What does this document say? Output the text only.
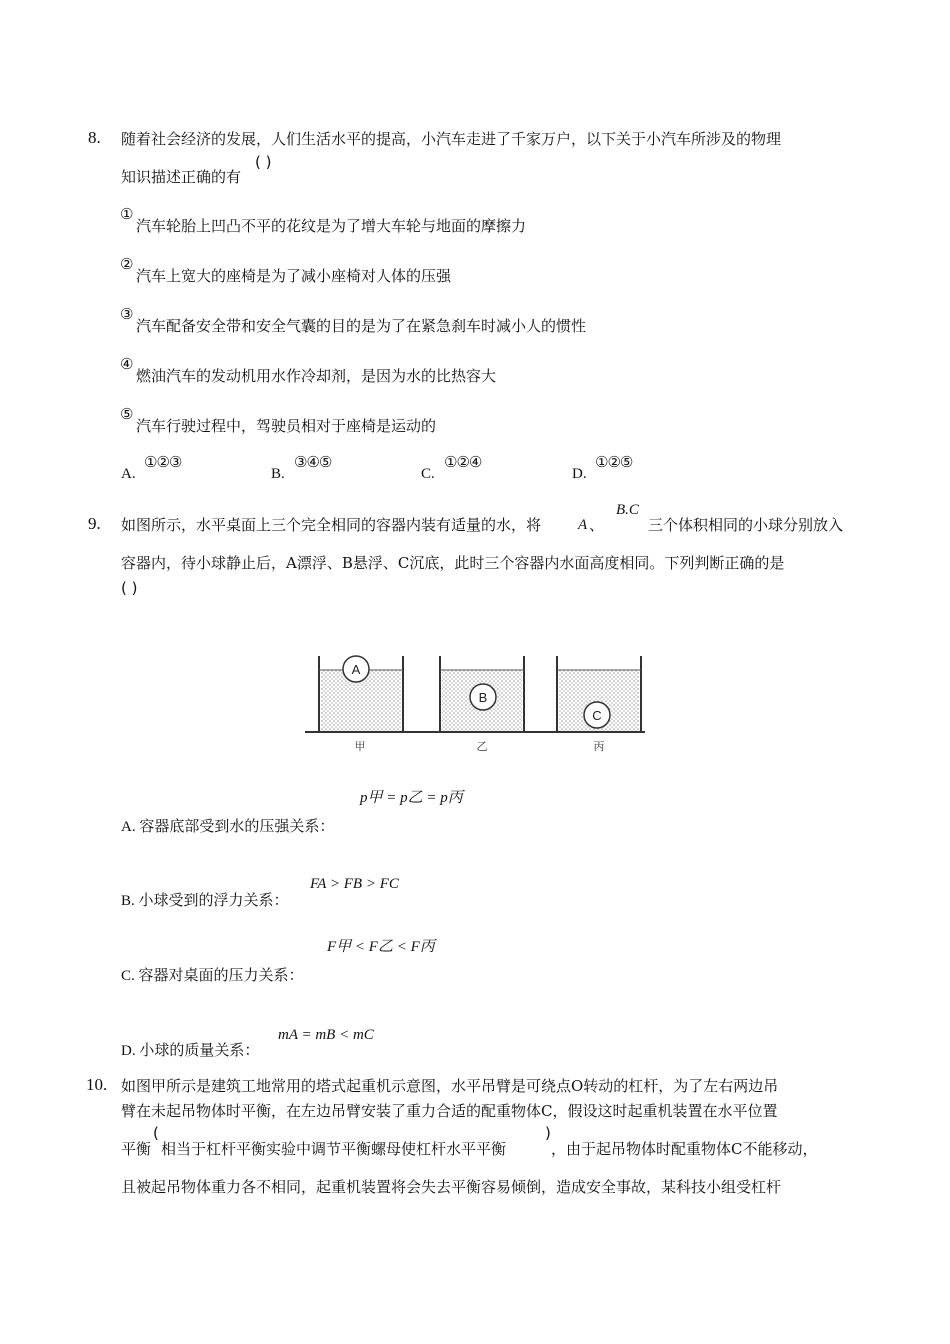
8. 随着社会经济的发展，人们生活水平的提高，小汽车走进了千家万户，以下关于小汽车所涉及的物理
知识描述正确的有
( )
①
汽车轮胎上凹凸不平的花纹是为了增大车轮与地面的摩擦力
②
汽车上宽大的座椅是为了减小座椅对人体的压强
③
汽车配备安全带和安全气囊的目的是为了在紧急刹车时减小人的惯性
④
燃油汽车的发动机用水作冷却剂，是因为水的比热容大
⑤
汽车行驶过程中，驾驶员相对于座椅是运动的
A.
①②③
B.
③④⑤
C.
①②④
D.
①②⑤
9. 如图所示，水平桌面上三个完全相同的容器内装有适量的水，将 A 、
B.C
三个体积相同的小球分别放入
容器内，待小球静止后，A漂浮、B悬浮、C沉底，此时三个容器内水面高度相同。下列判断正确的是
( )
A
B
C
甲	乙	丙
p甲 = p乙 = p丙
A. 容器底部受到水的压强关系：
B. 小球受到的浮力关系：
FA > FB > FC
F甲 < F乙 < F丙
C. 容器对桌面的压力关系：
D. 小球的质量关系：
mA = mB < mC
10. 如图甲所示是建筑工地常用的塔式起重机示意图，水平吊臂是可绕点O转动的杠杆，为了左右两边吊
臂在未起吊物体时平衡，在左边吊臂安装了重力合适的配重物体C，假设这时起重机装置在水平位置
平衡
(
相当于杠杆平衡实验中调节平衡螺母使杠杆水平平衡
)
，由于起吊物体时配重物体C不能移动，
且被起吊物体重力各不相同，起重机装置将会失去平衡容易倾倒，造成安全事故，某科技小组受杠杆
